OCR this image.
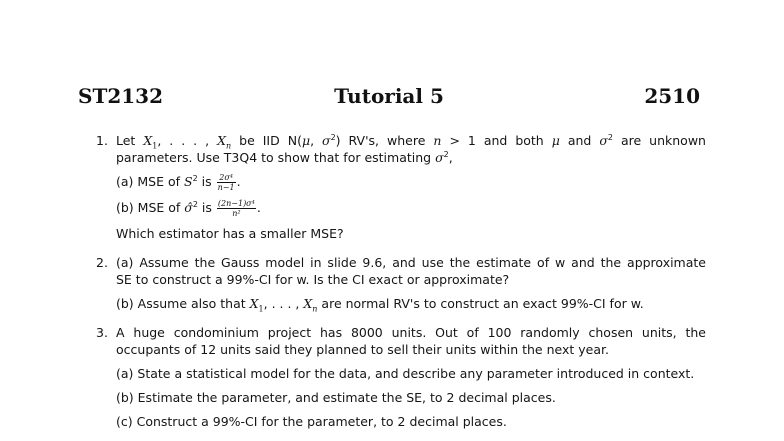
ST2132	Tutorial 5	2510
1. Let $X_1$, . . . , $X_n$ be IID N(μ, $\sigma^2$) RV's, where n > 1 and both μ and $\sigma^2$ are unknown
parameters. Use T3Q4 to show that for estimating $\sigma^2$,
(a) MSE of $S^2$ is $\frac{\text{2σ⁴}}{n-1}$ .
(b) MSE of σ̂$^2$ is $\frac{\text{(2n−1)σ⁴}}{\text{n²}}$ .
Which estimator has a smaller MSE?
2. (a) Assume the Gauss model in slide 9.6, and use the estimate of w and the approximate
SE to construct a 99%-CI for w. Is the CI exact or approximate?
(b) Assume also that $X_1$, . . . , $X_n$ are normal RV's to construct an exact 99%-CI for w.
3. A huge condominium project has 8000 units. Out of 100 randomly chosen units, the
occupants of 12 units said they planned to sell their units within the next year.
(a) State a statistical model for the data, and describe any parameter introduced in context.
(b) Estimate the parameter, and estimate the SE, to 2 decimal places.
(c) Construct a 99%-CI for the parameter, to 2 decimal places.
